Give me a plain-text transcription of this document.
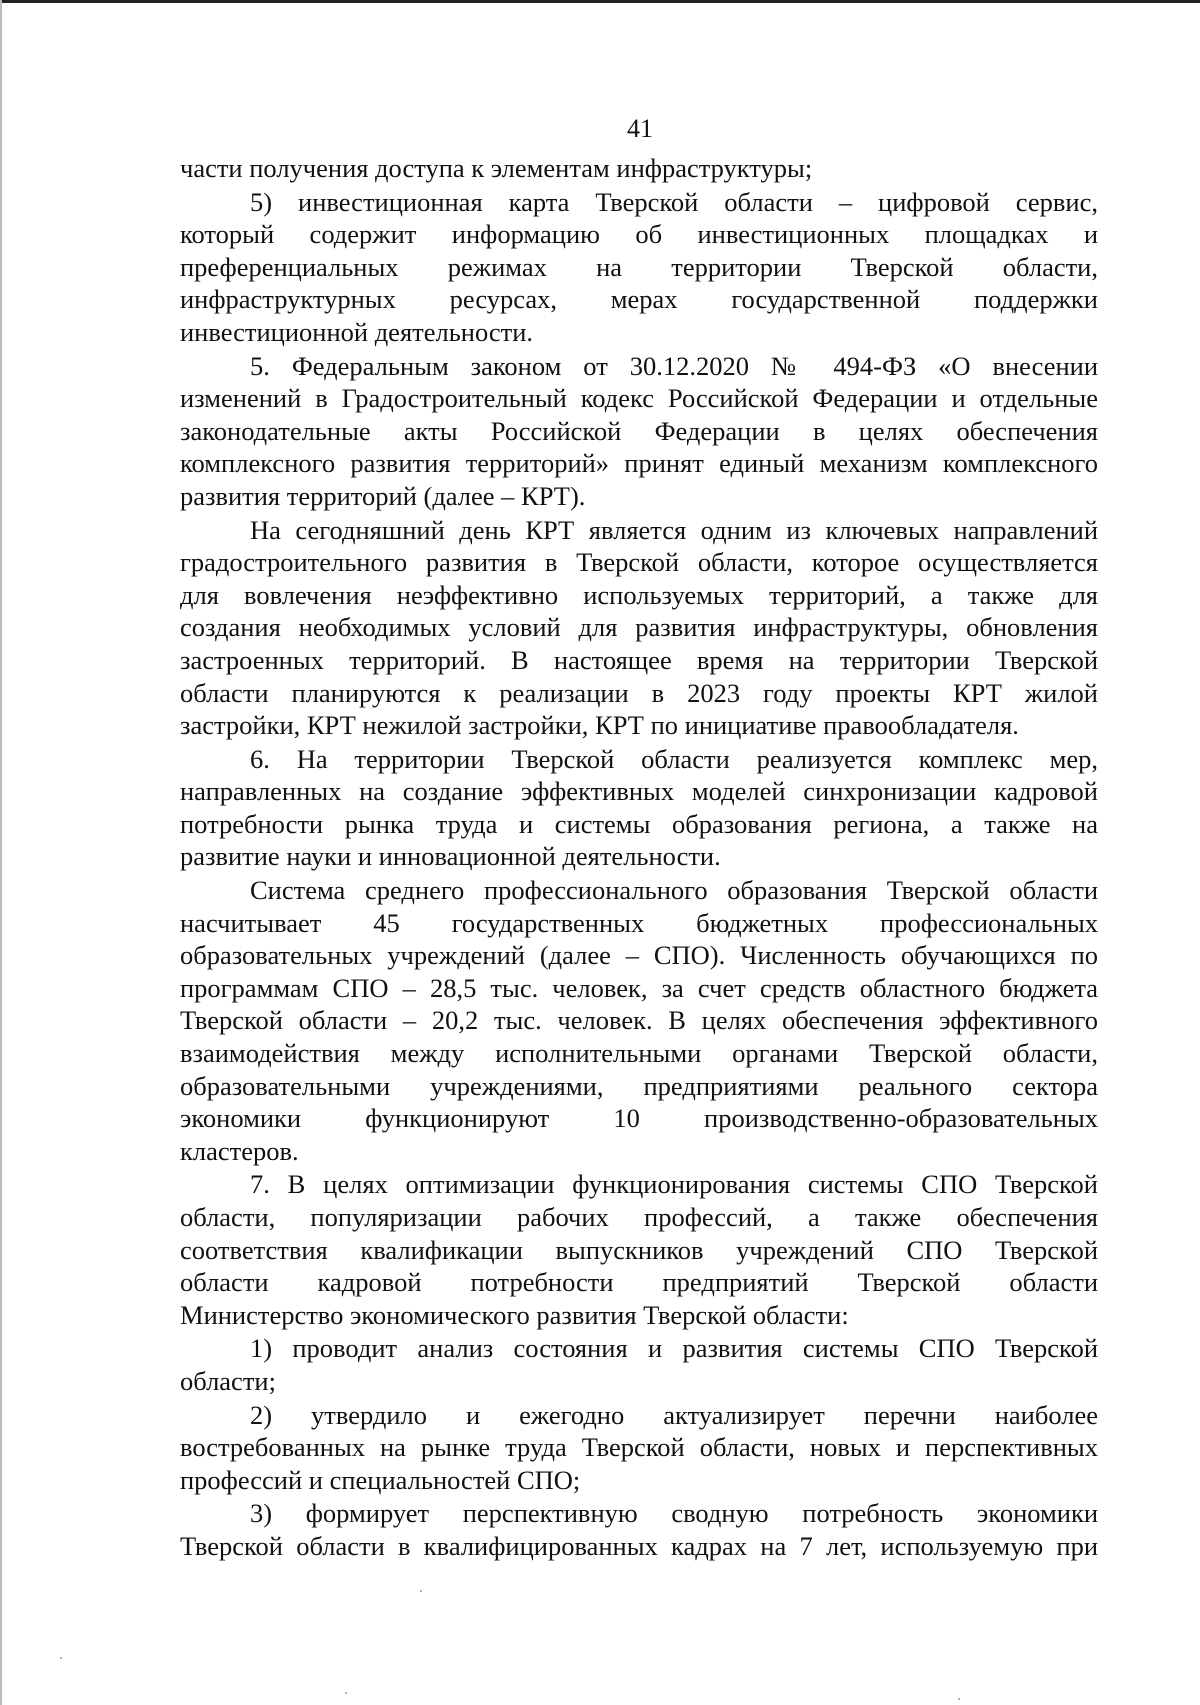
41
части получения доступа к элементам инфраструктуры;
5) инвестиционная карта Тверской области – цифровой сервис,
который содержит информацию об инвестиционных площадках и
преференциальных режимах на территории Тверской области,
инфраструктурных ресурсах, мерах государственной поддержки
инвестиционной деятельности.
5. Федеральным законом от 30.12.2020 № 494-ФЗ «О внесении
изменений в Градостроительный кодекс Российской Федерации и отдельные
законодательные акты Российской Федерации в целях обеспечения
комплексного развития территорий» принят единый механизм комплексного
развития территорий (далее – КРТ).
На сегодняшний день КРТ является одним из ключевых направлений
градостроительного развития в Тверской области, которое осуществляется
для вовлечения неэффективно используемых территорий, а также для
создания необходимых условий для развития инфраструктуры, обновления
застроенных территорий. В настоящее время на территории Тверской
области планируются к реализации в 2023 году проекты КРТ жилой
застройки, КРТ нежилой застройки, КРТ по инициативе правообладателя.
6. На территории Тверской области реализуется комплекс мер,
направленных на создание эффективных моделей синхронизации кадровой
потребности рынка труда и системы образования региона, а также на
развитие науки и инновационной деятельности.
Система среднего профессионального образования Тверской области
насчитывает 45 государственных бюджетных профессиональных
образовательных учреждений (далее – СПО). Численность обучающихся по
программам СПО – 28,5 тыс. человек, за счет средств областного бюджета
Тверской области – 20,2 тыс. человек. В целях обеспечения эффективного
взаимодействия между исполнительными органами Тверской области,
образовательными учреждениями, предприятиями реального сектора
экономики функционируют 10 производственно-образовательных
кластеров.
7. В целях оптимизации функционирования системы СПО Тверской
области, популяризации рабочих профессий, а также обеспечения
соответствия квалификации выпускников учреждений СПО Тверской
области кадровой потребности предприятий Тверской области
Министерство экономического развития Тверской области:
1) проводит анализ состояния и развития системы СПО Тверской
области;
2) утвердило и ежегодно актуализирует перечни наиболее
востребованных на рынке труда Тверской области, новых и перспективных
профессий и специальностей СПО;
3) формирует перспективную сводную потребность экономики
Тверской области в квалифицированных кадрах на 7 лет, используемую при
